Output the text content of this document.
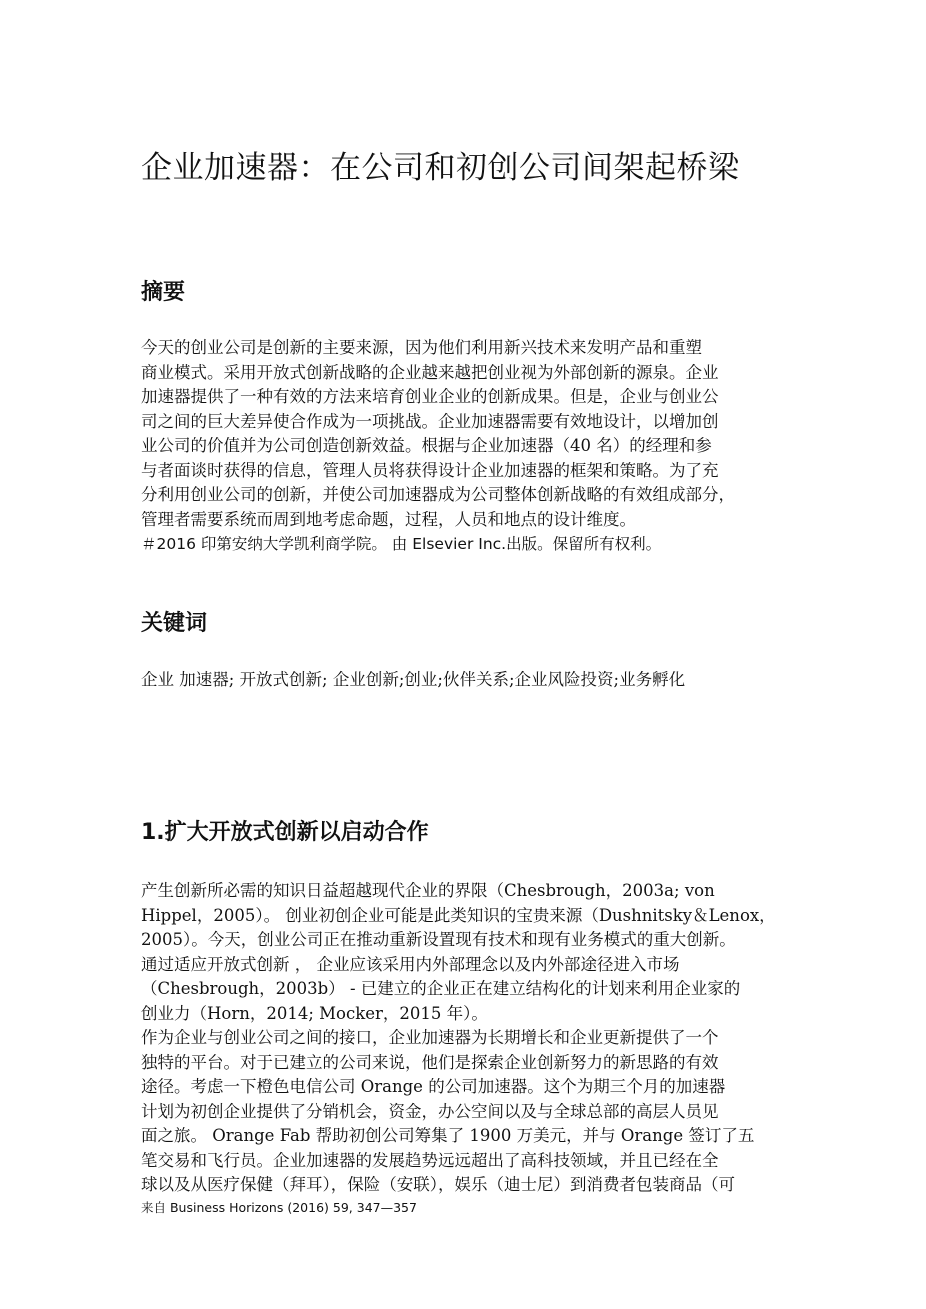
企业加速器：在公司和初创公司间架起桥梁
摘要
今天的创业公司是创新的主要来源，因为他们利用新兴技术来发明产品和重塑
商业模式。采用开放式创新战略的企业越来越把创业视为外部创新的源泉。企业
加速器提供了一种有效的方法来培育创业企业的创新成果。但是，企业与创业公
司之间的巨大差异使合作成为一项挑战。企业加速器需要有效地设计，以增加创
业公司的价值并为公司创造创新效益。根据与企业加速器（40 名）的经理和参
与者面谈时获得的信息，管理人员将获得设计企业加速器的框架和策略。为了充
分利用创业公司的创新，并使公司加速器成为公司整体创新战略的有效组成部分，
管理者需要系统而周到地考虑命题，过程，人员和地点的设计维度。
＃2016 印第安纳大学凯利商学院。 由 Elsevier Inc.出版。保留所有权利。
关键词

企业 加速器; 开放式创新; 企业创新;创业;伙伴关系;企业风险投资;业务孵化

1.扩大开放式创新以启动合作
产生创新所必需的知识日益超越现代企业的界限（Chesbrough，2003a; von
Hippel，2005）。 创业初创企业可能是此类知识的宝贵来源（Dushnitsky＆Lenox，
2005）。今天，创业公司正在推动重新设置现有技术和现有业务模式的重大创新。
通过适应开放式创新 ， 企业应该采用内外部理念以及内外部途径进入市场
（Chesbrough，2003b） - 已建立的企业正在建立结构化的计划来利用企业家的
创业力（Horn，2014; Mocker，2015 年）。
作为企业与创业公司之间的接口，企业加速器为长期增长和企业更新提供了一个
独特的平台。对于已建立的公司来说，他们是探索企业创新努力的新思路的有效
途径。考虑一下橙色电信公司 Orange 的公司加速器。这个为期三个月的加速器
计划为初创企业提供了分销机会，资金，办公空间以及与全球总部的高层人员见
面之旅。 Orange Fab 帮助初创公司筹集了 1900 万美元，并与 Orange 签订了五
笔交易和飞行员。企业加速器的发展趋势远远超出了高科技领域，并且已经在全
球以及从医疗保健（拜耳），保险（安联），娱乐（迪士尼）到消费者包装商品（可

来自 Business Horizons (2016) 59, 347—357
